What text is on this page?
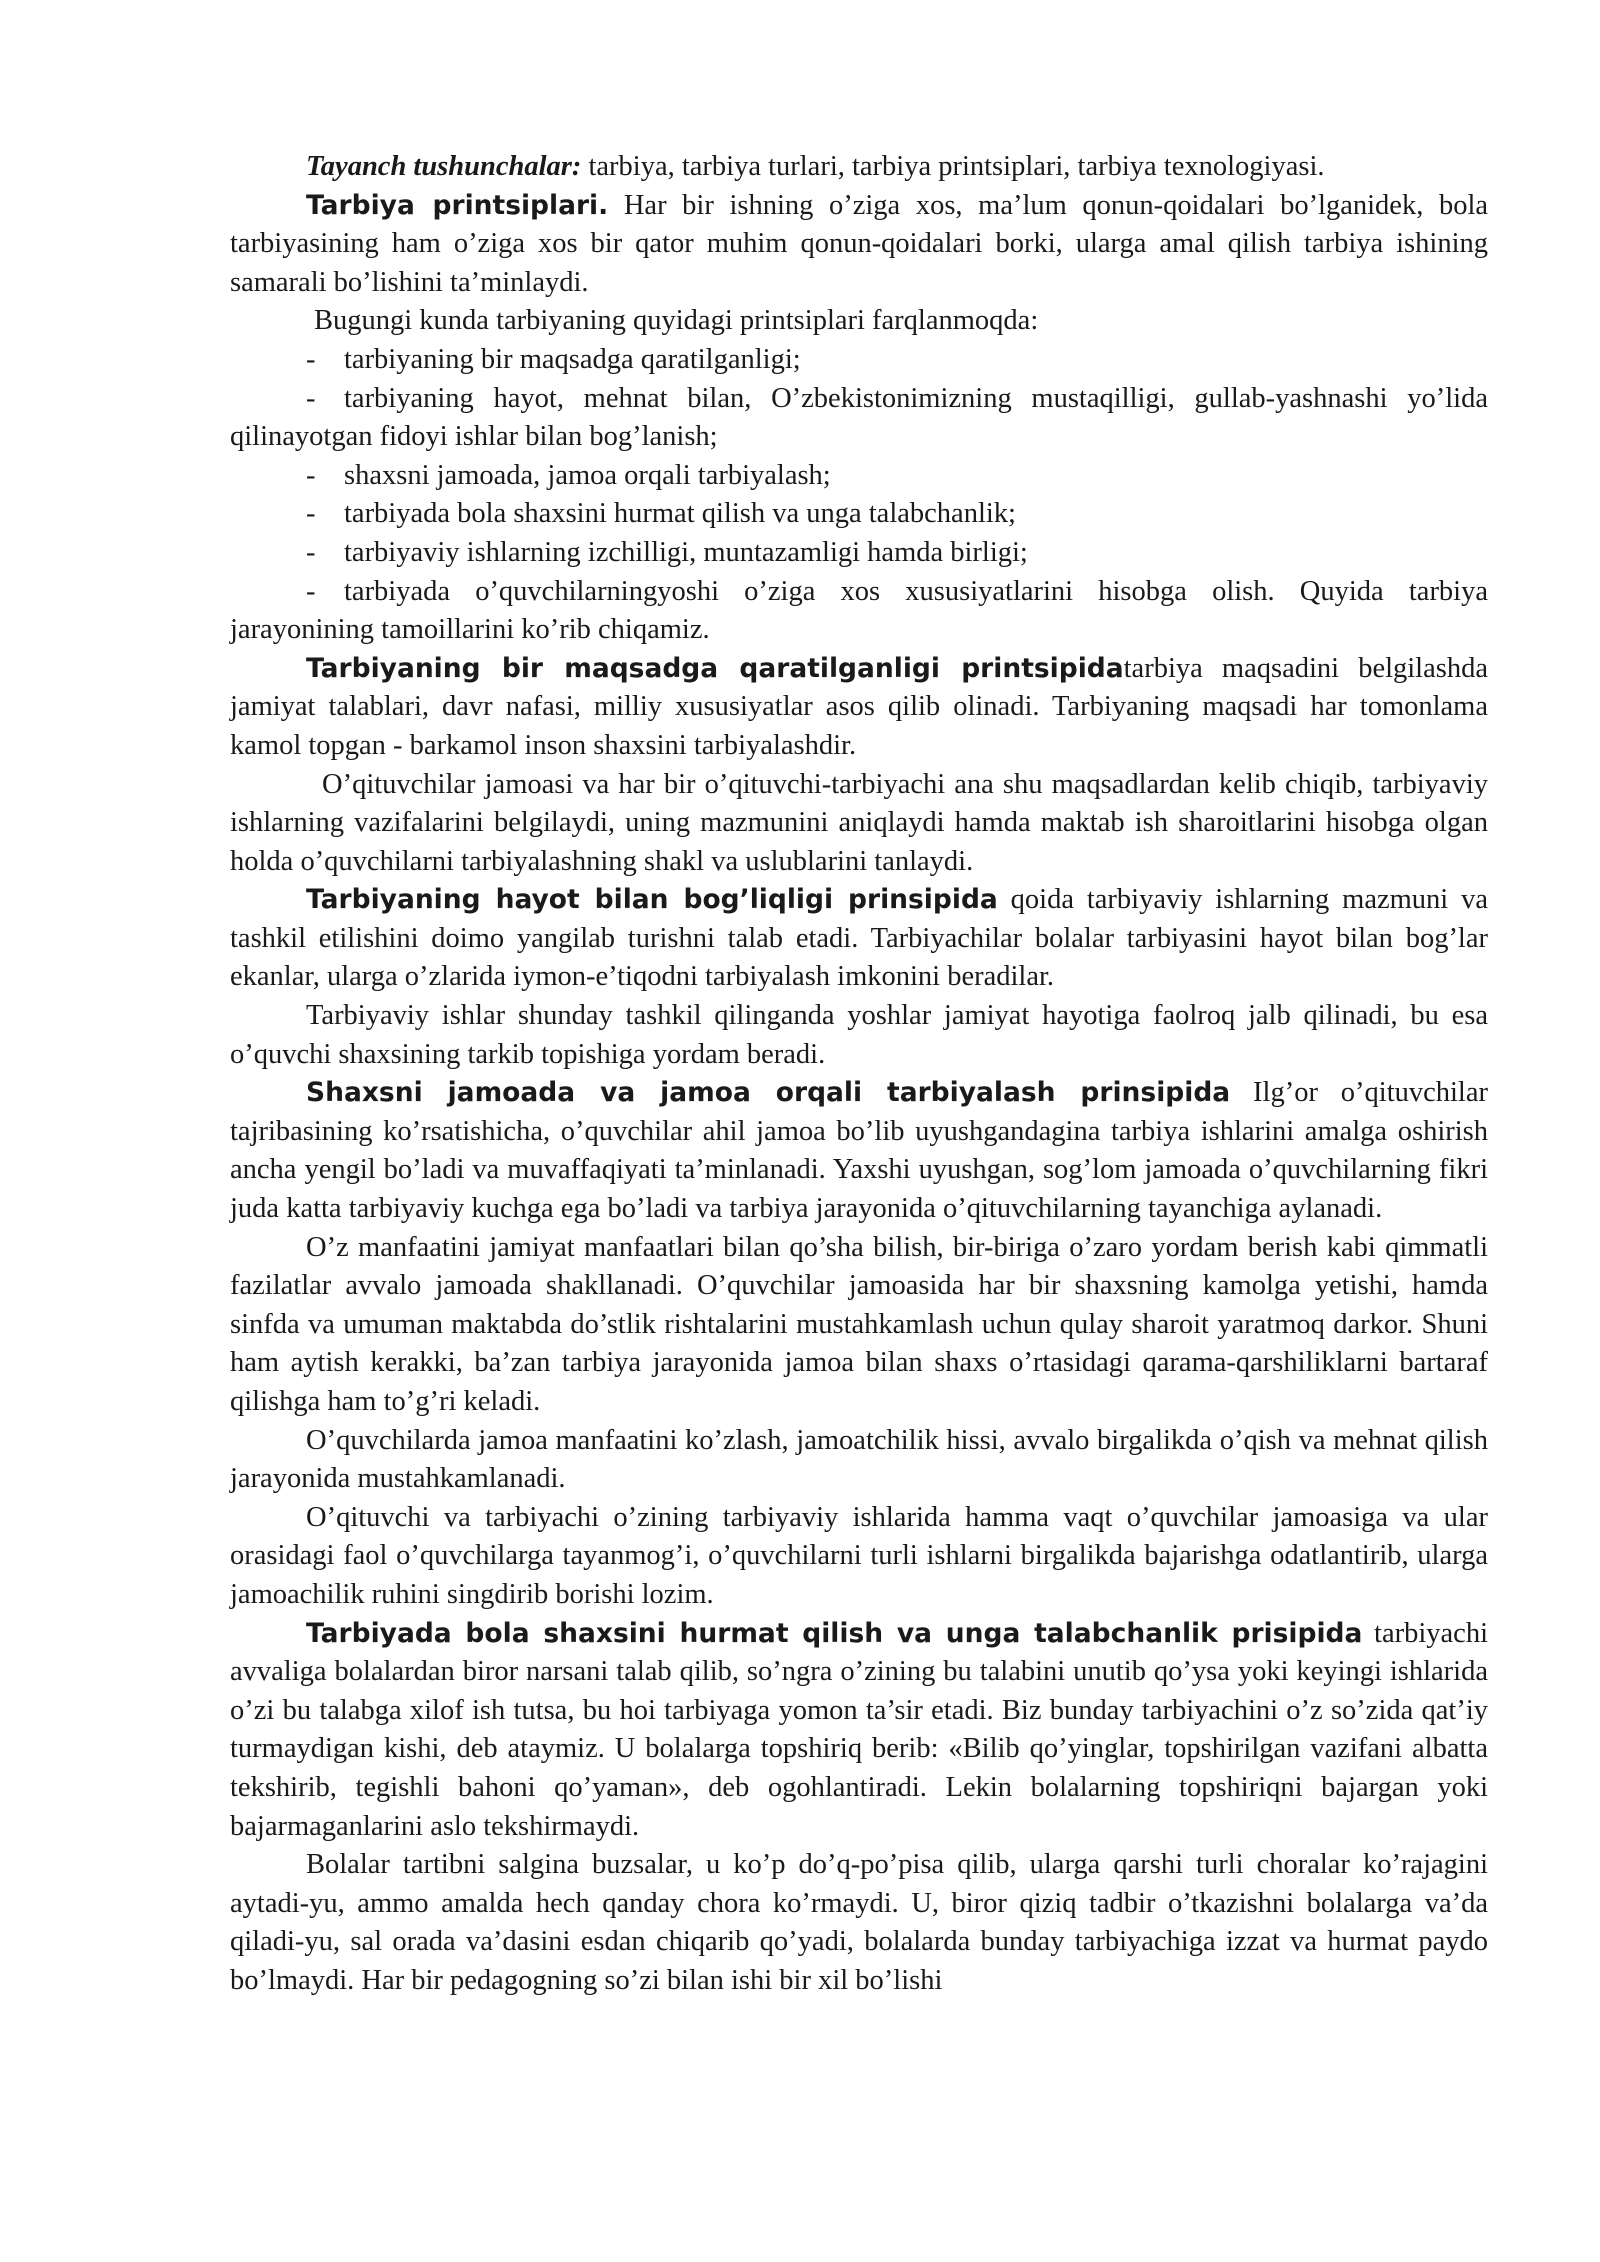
Tayanch tushunchalar: tarbiya, tarbiya turlari, tarbiya printsiplari, tarbiya texnologiyasi.

Tarbiya printsiplari. Har bir ishning o’ziga xos, ma’lum qonun-qoidalari bo’lganidek, bola tarbiyasining ham o’ziga xos bir qator muhim qonun-qoidalari borki, ularga amal qilish tarbiya ishining samarali bo’lishini ta’minlaydi.

Bugungi kunda tarbiyaning quyidagi printsiplari farqlanmoqda:

- tarbiyaning bir maqsadga qaratilganligi;

- tarbiyaning hayot, mehnat bilan, O’zbekistonimizning mustaqilligi, gullab-yashnashi yo’lida qilinayotgan fidoyi ishlar bilan bog’lanish;

- shaxsni jamoada, jamoa orqali tarbiyalash;

- tarbiyada bola shaxsini hurmat qilish va unga talabchanlik;

- tarbiyaviy ishlarning izchilligi, muntazamligi hamda birligi;

- tarbiyada o’quvchilarningyoshi o’ziga xos xususiyatlarini hisobga olish. Quyida tarbiya jarayonining tamoillarini ko’rib chiqamiz.

Tarbiyaning bir maqsadga qaratilganligi printsipidatarbiya maqsadini belgilashda jamiyat talablari, davr nafasi, milliy xususiyatlar asos qilib olinadi. Tarbiyaning maqsadi har tomonlama kamol topgan - barkamol inson shaxsini tarbiyalashdir.

O’qituvchilar jamoasi va har bir o’qituvchi-tarbiyachi ana shu maqsadlardan kelib chiqib, tarbiyaviy ishlarning vazifalarini belgilaydi, uning mazmunini aniqlaydi hamda maktab ish sharoitlarini hisobga olgan holda o’quvchilarni tarbiyalashning shakl va uslublarini tanlaydi.

Tarbiyaning hayot bilan bog’liqligi prinsipida qoida tarbiyaviy ishlarning mazmuni va tashkil etilishini doimo yangilab turishni talab etadi. Tarbiyachilar bolalar tarbiyasini hayot bilan bog’lar ekanlar, ularga o’zlarida iymon-e’tiqodni tarbiyalash imkonini beradilar.

Tarbiyaviy ishlar shunday tashkil qilinganda yoshlar jamiyat hayotiga faolroq jalb qilinadi, bu esa o’quvchi shaxsining tarkib topishiga yordam beradi.

Shaxsni jamoada va jamoa orqali tarbiyalash prinsipida Ilg’or o’qituvchilar tajribasining ko’rsatishicha, o’quvchilar ahil jamoa bo’lib uyushgandagina tarbiya ishlarini amalga oshirish ancha yengil bo’ladi va muvaffaqiyati ta’minlanadi. Yaxshi uyushgan, sog’lom jamoada o’quvchilarning fikri juda katta tarbiyaviy kuchga ega bo’ladi va tarbiya jarayonida o’qituvchilarning tayanchiga aylanadi.

O’z manfaatini jamiyat manfaatlari bilan qo’sha bilish, bir-biriga o’zaro yordam berish kabi qimmatli fazilatlar avvalo jamoada shakllanadi. O’quvchilar jamoasida har bir shaxsning kamolga yetishi, hamda sinfda va umuman maktabda do’stlik rishtalarini mustahkamlash uchun qulay sharoit yaratmoq darkor. Shuni ham aytish kerakki, ba’zan tarbiya jarayonida jamoa bilan shaxs o’rtasidagi qarama-qarshiliklarni bartaraf qilishga ham to’g’ri keladi.

O’quvchilarda jamoa manfaatini ko’zlash, jamoatchilik hissi, avvalo birgalikda o’qish va mehnat qilish jarayonida mustahkamlanadi.

O’qituvchi va tarbiyachi o’zining tarbiyaviy ishlarida hamma vaqt o’quvchilar jamoasiga va ular orasidagi faol o’quvchilarga tayanmog’i, o’quvchilarni turli ishlarni birgalikda bajarishga odatlantirib, ularga jamoachilik ruhini singdirib borishi lozim.

Tarbiyada bola shaxsini hurmat qilish va unga talabchanlik prisipida tarbiyachi avvaliga bolalardan biror narsani talab qilib, so’ngra o’zining bu talabini unutib qo’ysa yoki keyingi ishlarida o’zi bu talabga xilof ish tutsa, bu hoi tarbiyaga yomon ta’sir etadi. Biz bunday tarbiyachini o’z so’zida qat’iy turmaydigan kishi, deb ataymiz. U bolalarga topshiriq berib: «Bilib qo’yinglar, topshirilgan vazifani albatta tekshirib, tegishli bahoni qo’yaman», deb ogohlantiradi. Lekin bolalarning topshiriqni bajargan yoki bajarmaganlarini aslo tekshirmaydi.

Bolalar tartibni salgina buzsalar, u ko’p do’q-po’pisa qilib, ularga qarshi turli choralar ko’rajagini aytadi-yu, ammo amalda hech qanday chora ko’rmaydi. U, biror qiziq tadbir o’tkazishni bolalarga va’da qiladi-yu, sal orada va’dasini esdan chiqarib qo’yadi, bolalarda bunday tarbiyachiga izzat va hurmat paydo bo’lmaydi. Har bir pedagogning so’zi bilan ishi bir xil bo’lishi
